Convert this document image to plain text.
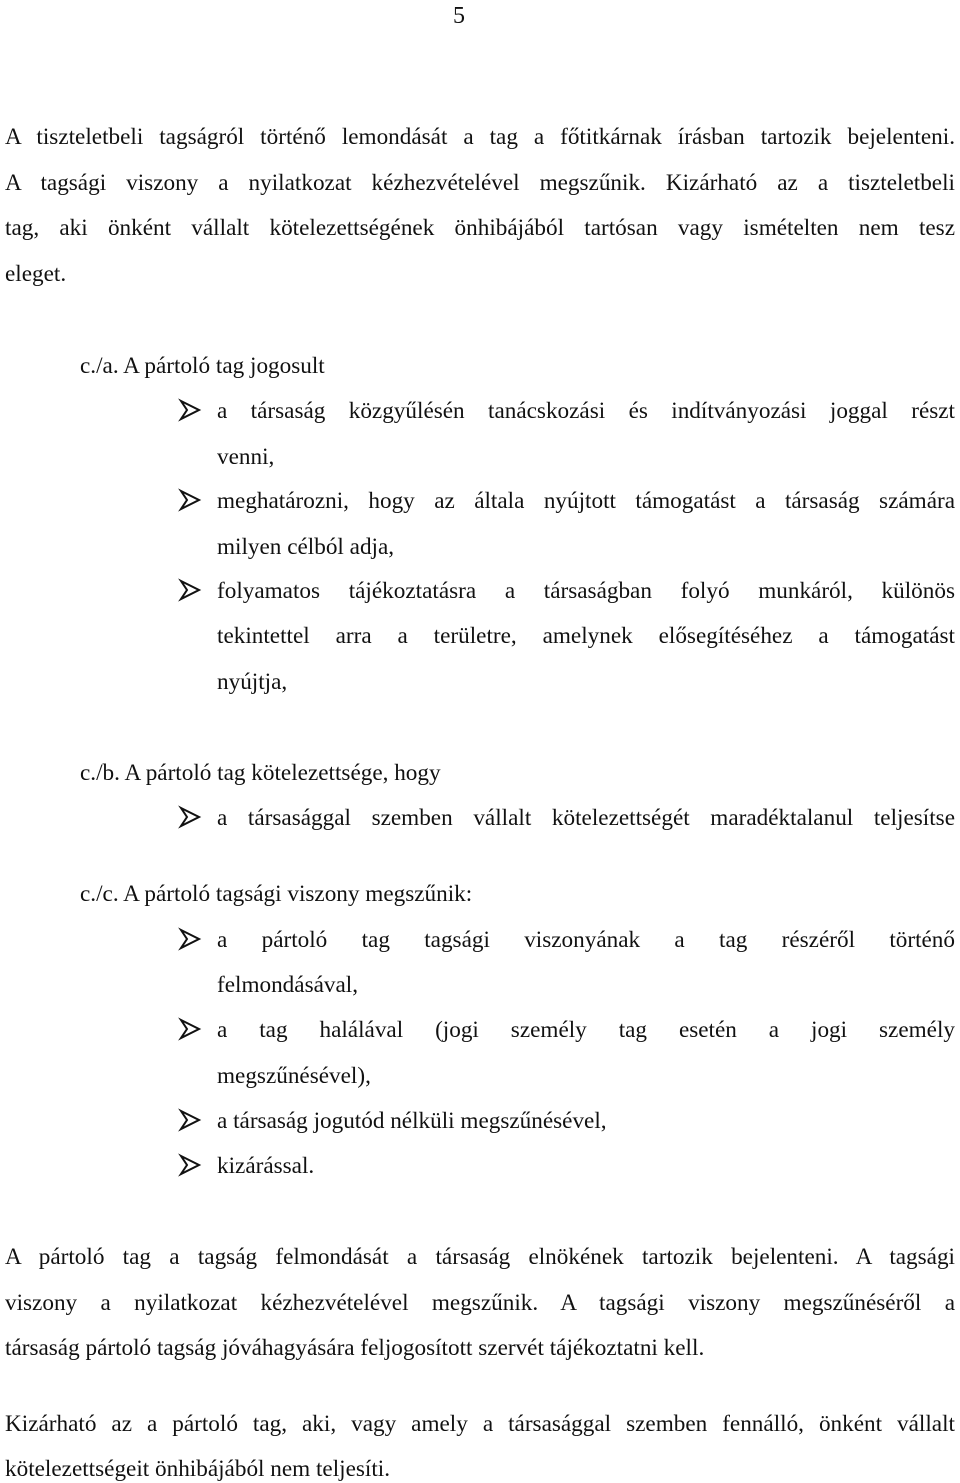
5
A tiszteletbeli tagságról történő lemondását a tag a főtitkárnak írásban tartozik bejelenteni.
A tagsági viszony a nyilatkozat kézhezvételével megszűnik. Kizárható az a tiszteletbeli
tag, aki önként vállalt kötelezettségének önhibájából tartósan vagy ismételten nem tesz
eleget.
c./a. A pártoló tag jogosult
a társaság közgyűlésén tanácskozási és indítványozási joggal részt
venni,
meghatározni, hogy az általa nyújtott támogatást a társaság számára
milyen célból adja,
folyamatos tájékoztatásra a társaságban folyó munkáról, különös
tekintettel arra a területre, amelynek elősegítéséhez a támogatást
nyújtja,
c./b. A pártoló tag kötelezettsége, hogy
a társasággal szemben vállalt kötelezettségét maradéktalanul teljesítse
c./c. A pártoló tagsági viszony megszűnik:
a pártoló tag tagsági viszonyának a tag részéről történő
felmondásával,
a tag halálával (jogi személy tag esetén a jogi személy
megszűnésével),
a társaság jogutód nélküli megszűnésével,
kizárással.
A pártoló tag a tagság felmondását a társaság elnökének tartozik bejelenteni. A tagsági
viszony a nyilatkozat kézhezvételével megszűnik. A tagsági viszony megszűnéséről a
társaság pártoló tagság jóváhagyására feljogosított szervét tájékoztatni kell.
Kizárható az a pártoló tag, aki, vagy amely a társasággal szemben fennálló, önként vállalt
kötelezettségeit önhibájából nem teljesíti.
